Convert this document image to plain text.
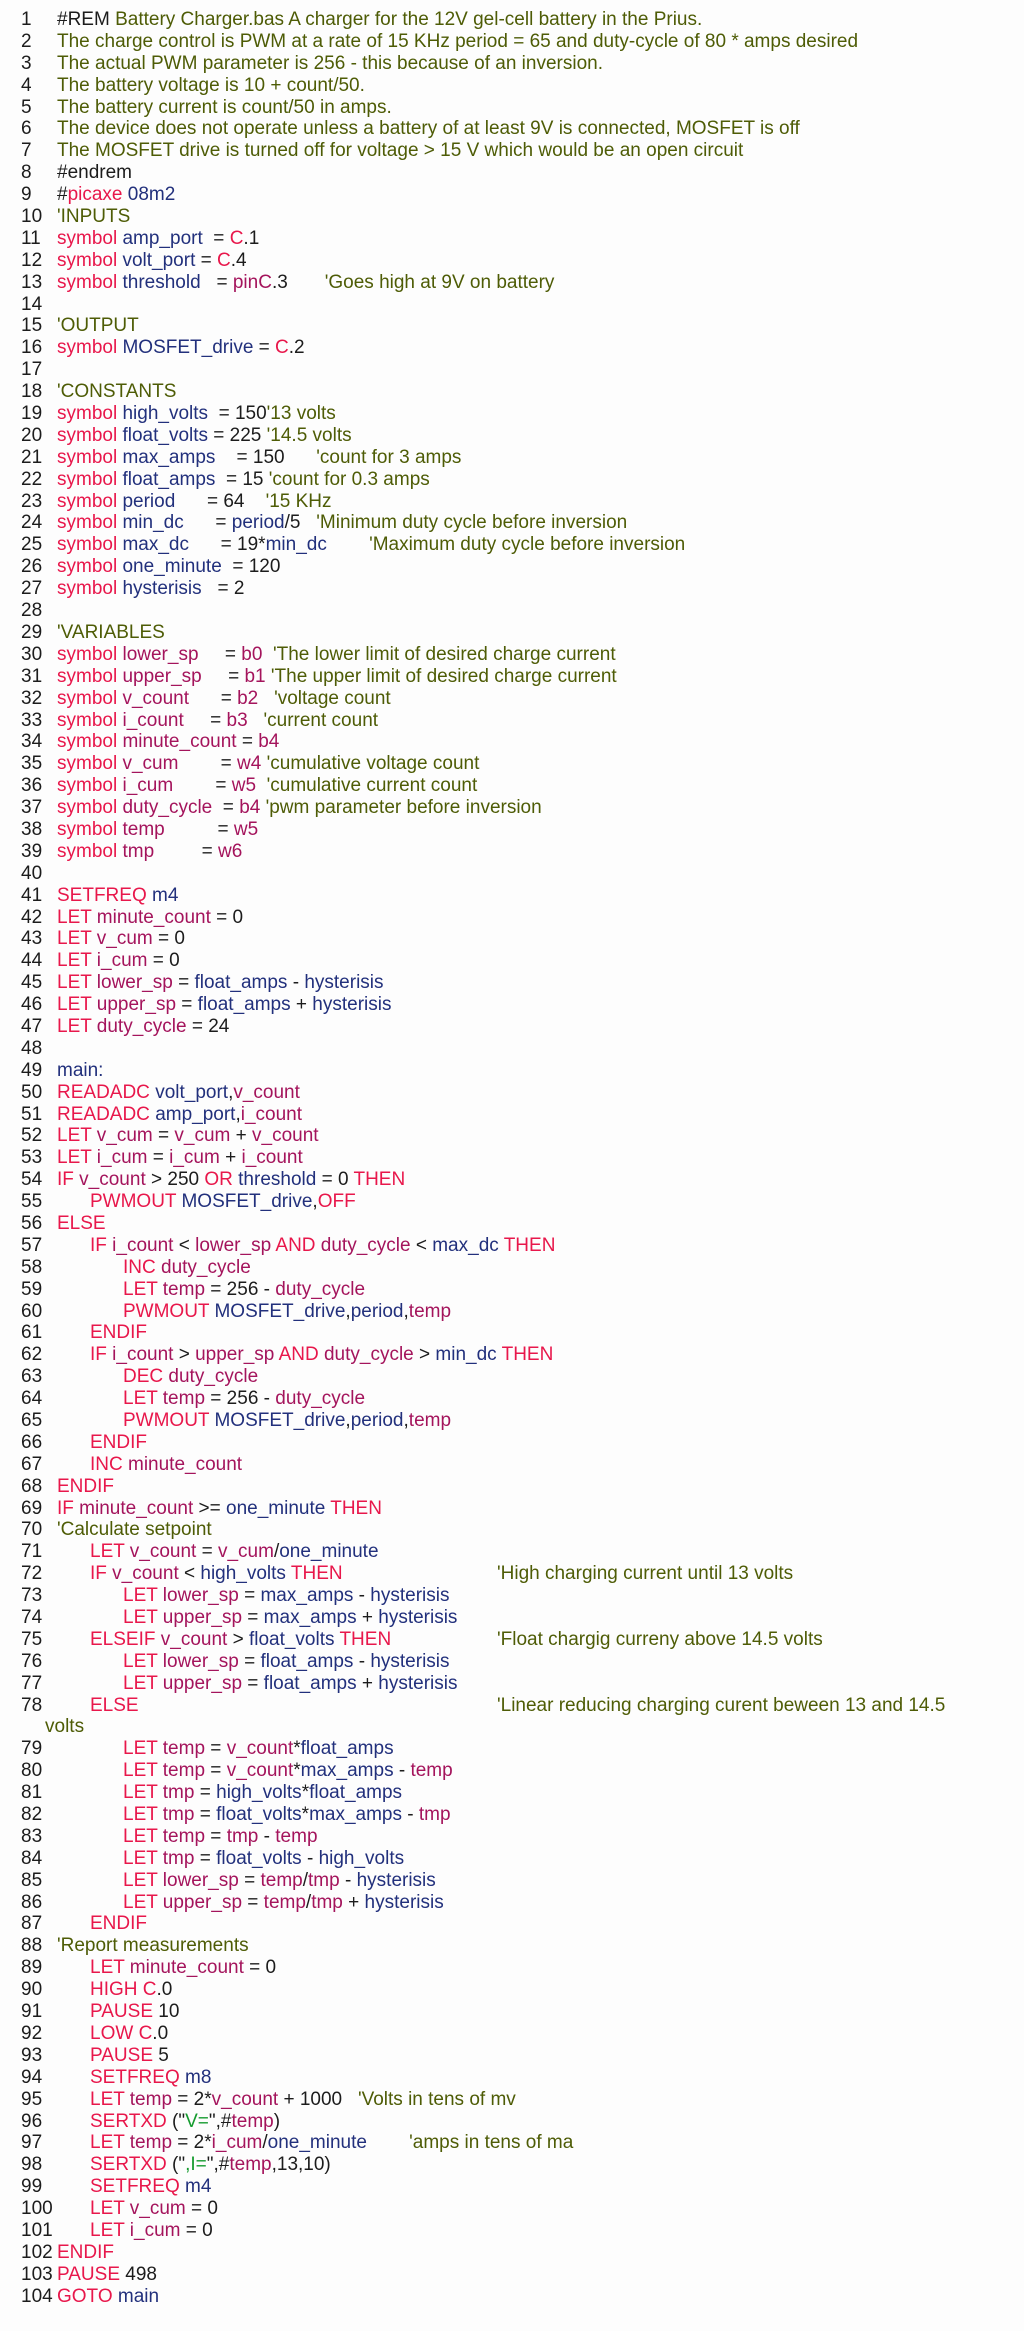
1	#REM Battery Charger.bas A charger for the 12V gel-cell battery in the Prius.
2	The charge control is PWM at a rate of 15 KHz period = 65 and duty-cycle of 80 * amps desired
3	The actual PWM parameter is 256 - this because of an inversion.
4	The battery voltage is 10 + count/50.
5	The battery current is count/50 in amps.
6	The device does not operate unless a battery of at least 9V is connected, MOSFET is off
7	The MOSFET drive is turned off for voltage > 15 V which would be an open circuit
8	#endrem
9	#picaxe 08m2
10 'INPUTS
11 symbol amp_port  = C.1
12 symbol volt_port = C.4
13 symbol threshold   = pinC.3 'Goes high at 9V on battery
14
15 'OUTPUT
16 symbol MOSFET_drive = C.2
17
18 'CONSTANTS
19 symbol high_volts  = 150'13 volts
20 symbol float_volts = 225 '14.5 volts
21 symbol max_amps    = 150      'count for 3 amps
22 symbol float_amps  = 15 'count for 0.3 amps
23 symbol period      = 64    '15 KHz
24 symbol min_dc      = period/5   'Minimum duty cycle before inversion
25 symbol max_dc      = 19*min_dc 'Maximum duty cycle before inversion
26 symbol one_minute  = 120
27 symbol hysterisis   = 2
28
29 'VARIABLES
30 symbol lower_sp     = b0 'The lower limit of desired charge current
31 symbol upper_sp     = b1 'The upper limit of desired charge current
32 symbol v_count      = b2 'voltage count
33 symbol i_count     = b3 'current count
34 symbol minute_count = b4
35 symbol v_cum        = w4 'cumulative voltage count
36 symbol i_cum        = w5 'cumulative current count
37 symbol duty_cycle  = b4 'pwm parameter before inversion
38 symbol temp          = w5
39 symbol tmp         = w6
40
41 SETFREQ m4
42 LET minute_count = 0
43 LET v_cum = 0
44 LET i_cum = 0
45 LET lower_sp = float_amps - hysterisis
46 LET upper_sp = float_amps + hysterisis
47 LET duty_cycle = 24
48
49 main:
50 READADC volt_port,v_count
51 READADC amp_port,i_count
52 LET v_cum = v_cum + v_count
53 LET i_cum = i_cum + i_count
54 IF v_count > 250 OR threshold = 0 THEN
55	PWMOUT MOSFET_drive,OFF
56 ELSE
57	IF i_count < lower_sp AND duty_cycle < max_dc THEN
58	INC duty_cycle
59	LET temp = 256 - duty_cycle
60	PWMOUT MOSFET_drive,period,temp
61	ENDIF
62	IF i_count > upper_sp AND duty_cycle > min_dc THEN
63	DEC duty_cycle
64	LET temp = 256 - duty_cycle
65	PWMOUT MOSFET_drive,period,temp
66	ENDIF
67	INC minute_count
68 ENDIF
69 IF minute_count >= one_minute THEN
70 'Calculate setpoint
71	LET v_count = v_cum/one_minute
72	IF v_count < high_volts THEN	'High charging current until 13 volts
73	LET lower_sp = max_amps - hysterisis
74	LET upper_sp = max_amps + hysterisis
75	ELSEIF v_count > float_volts THEN	'Float chargig curreny above 14.5 volts
76	LET lower_sp = float_amps - hysterisis
77	LET upper_sp = float_amps + hysterisis
78	ELSE	'Linear reducing charging curent beween 13 and 14.5
volts
79	LET temp = v_count*float_amps
80	LET temp = v_count*max_amps - temp
81	LET tmp = high_volts*float_amps
82	LET tmp = float_volts*max_amps - tmp
83	LET temp = tmp - temp
84	LET tmp = float_volts - high_volts
85	LET lower_sp = temp/tmp - hysterisis
86	LET upper_sp = temp/tmp + hysterisis
87	ENDIF
88 'Report measurements
89	LET minute_count = 0
90	HIGH C.0
91	PAUSE 10
92	LOW C.0
93	PAUSE 5
94	SETFREQ m8
95	LET temp = 2*v_count + 1000   'Volts in tens of mv
96	SERTXD ("V=",#temp)
97	LET temp = 2*i_cum/one_minute 'amps in tens of ma
98	SERTXD (",I=",#temp,13,10)
99	SETFREQ m4
100	LET v_cum = 0
101	LET i_cum = 0
102 ENDIF
103 PAUSE 498
104 GOTO main
